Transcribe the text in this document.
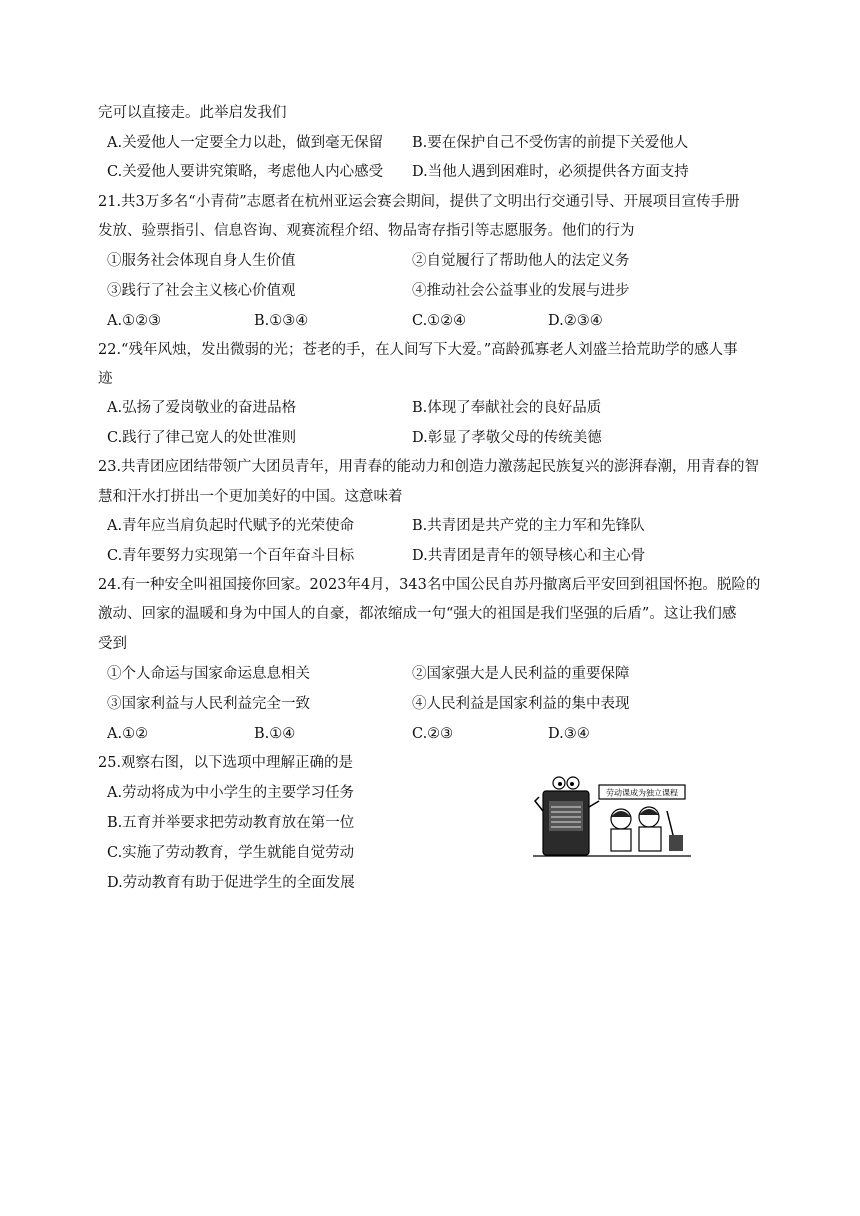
完可以直接走。此举启发我们
A.关爱他人一定要全力以赴，做到毫无保留 B.要在保护自己不受伤害的前提下关爱他人
C.关爱他人要讲究策略，考虑他人内心感受 D.当他人遇到困难时，必须提供各方面支持
21.共3万多名“小青荷”志愿者在杭州亚运会赛会期间，提供了文明出行交通引导、开展项目宣传手册
发放、验票指引、信息咨询、观赛流程介绍、物品寄存指引等志愿服务。他们的行为
①服务社会体现自身人生价值	②自觉履行了帮助他人的法定义务
③践行了社会主义核心价值观	④推动社会公益事业的发展与进步
A.①②③	B.①③④	C.①②④	D.②③④
22.“残年风烛，发出微弱的光；苍老的手，在人间写下大爱。”高龄孤寡老人刘盛兰拾荒助学的感人事
迹
A.弘扬了爱岗敬业的奋进品格	B.体现了奉献社会的良好品质
C.践行了律己宽人的处世准则	D.彰显了孝敬父母的传统美德
23.共青团应团结带领广大团员青年，用青春的能动力和创造力激荡起民族复兴的澎湃春潮，用青春的智
慧和汗水打拼出一个更加美好的中国。这意味着
A.青年应当肩负起时代赋予的光荣使命	B.共青团是共产党的主力军和先锋队
C.青年要努力实现第一个百年奋斗目标	D.共青团是青年的领导核心和主心骨
24.有一种安全叫祖国接你回家。2023年4月，343名中国公民自苏丹撤离后平安回到祖国怀抱。脱险的
激动、回家的温暖和身为中国人的自豪，都浓缩成一句“强大的祖国是我们坚强的后盾”。这让我们感
受到
①个人命运与国家命运息息相关	②国家强大是人民利益的重要保障
③国家利益与人民利益完全一致	④人民利益是国家利益的集中表现
A.①②	B.①④	C.②③	D.③④
25.观察右图，以下选项中理解正确的是
A.劳动将成为中小学生的主要学习任务
B.五育并举要求把劳动教育放在第一位
C.实施了劳动教育，学生就能自觉劳动
D.劳动教育有助于促进学生的全面发展
劳动课成为独立课程
